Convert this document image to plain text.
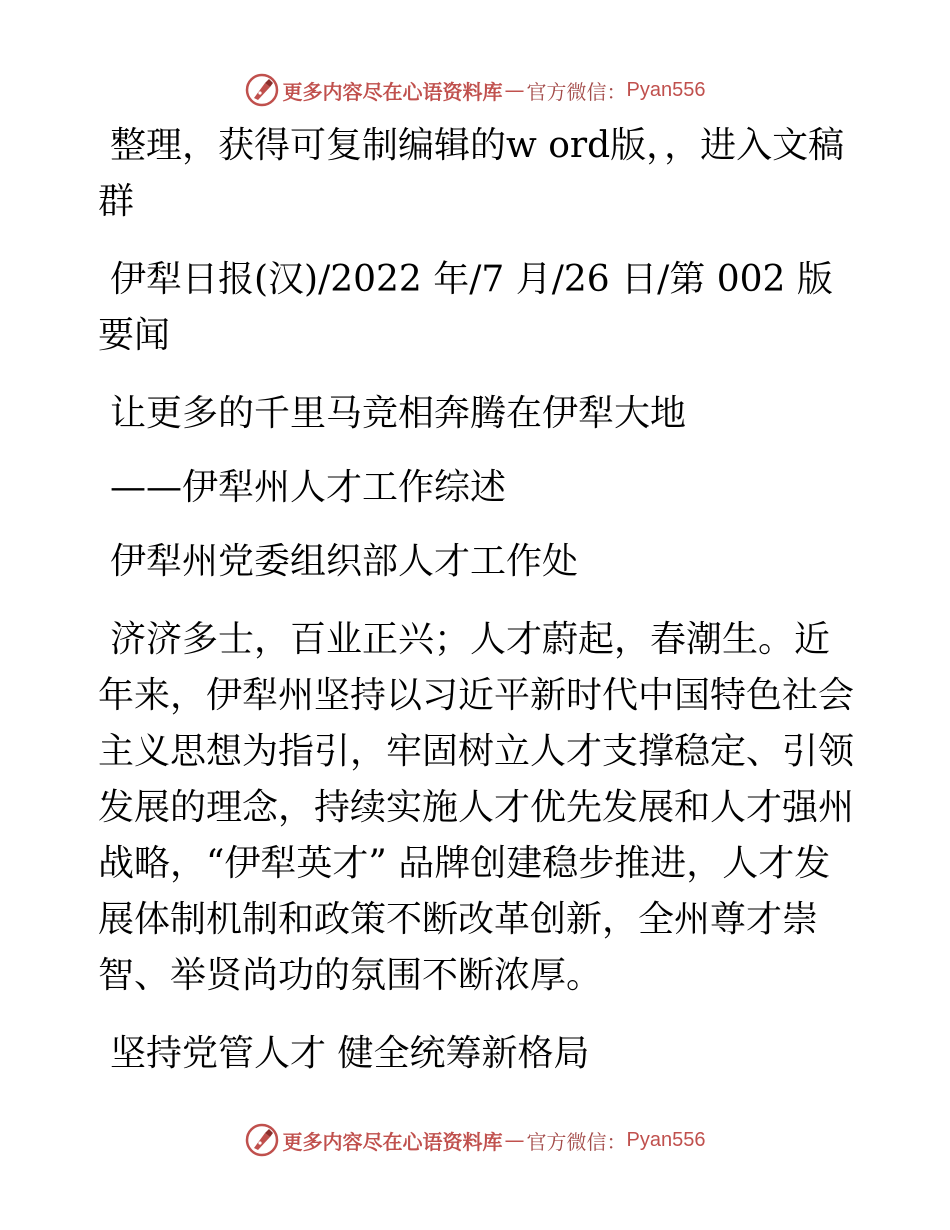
更多内容尽在心语资料库 — 官方微信： Pyan556

整理，获得可复制编辑的w ord版，，进入文稿群

伊犁日报(汉)/2022 年/7 月/26 日/第 002 版要闻

让更多的千里马竞相奔腾在伊犁大地

——伊犁州人才工作综述

伊犁州党委组织部人才工作处

济济多士，百业正兴；人才蔚起，春潮生。近年来，伊犁州坚持以习近平新时代中国特色社会主义思想为指引，牢固树立人才支撑稳定、引领发展的理念，持续实施人才优先发展和人才强州战略，“伊犁英才” 品牌创建稳步推进，人才发展体制机制和政策不断改革创新，全州尊才崇智、举贤尚功的氛围不断浓厚。

坚持党管人才 健全统筹新格局

更多内容尽在心语资料库 — 官方微信： Pyan556
